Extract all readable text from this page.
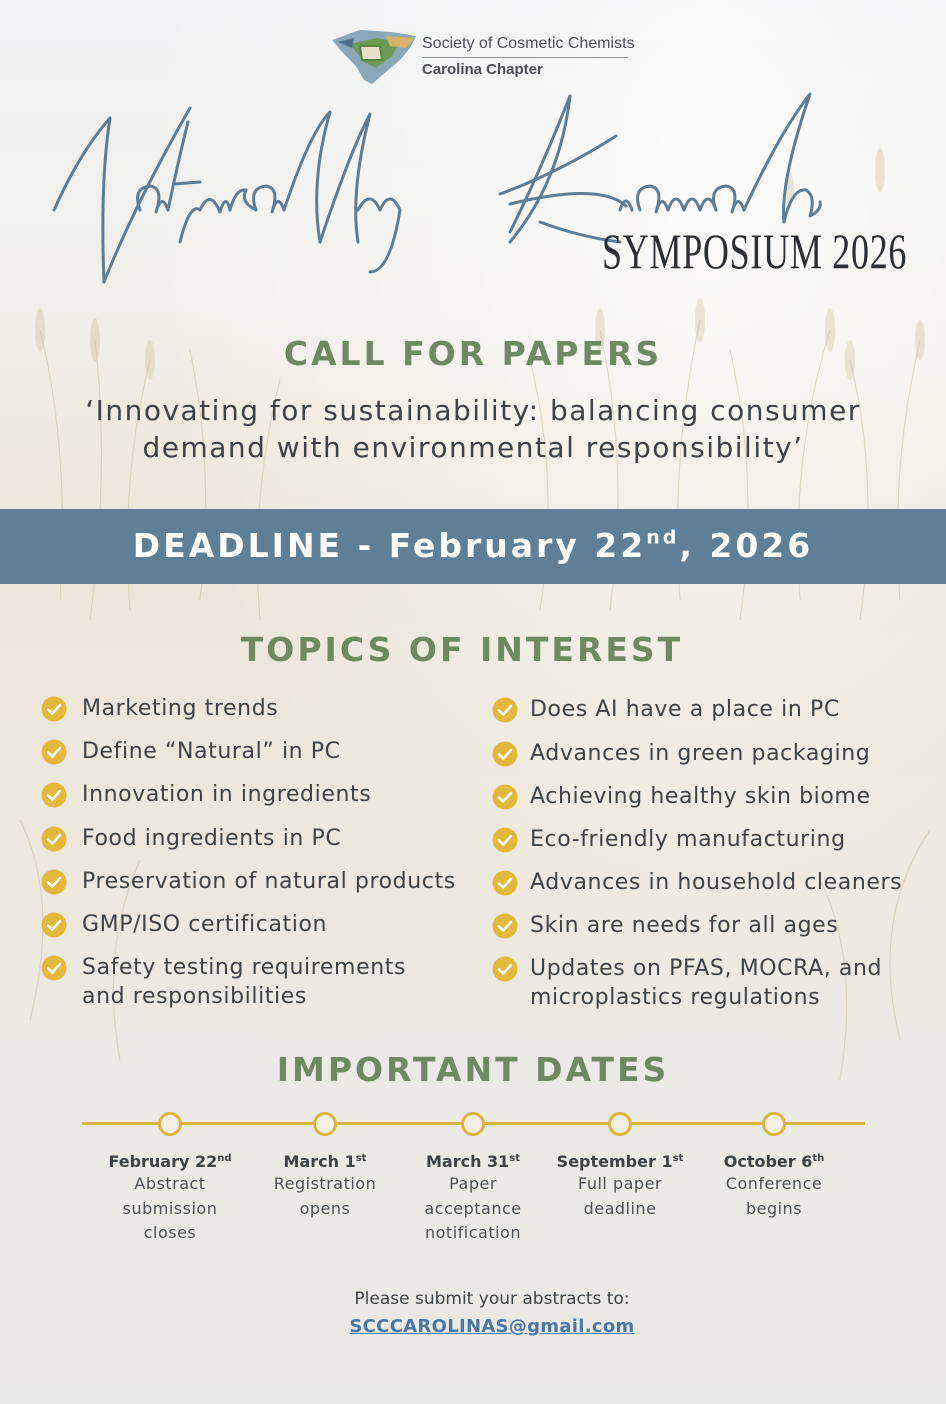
Society of Cosmetic Chemists
Carolina Chapter
SYMPOSIUM 2026
CALL FOR PAPERS
‘Innovating for sustainability: balancing consumer
demand with environmental responsibility’
DEADLINE - February 22nd, 2026
TOPICS OF INTEREST
Marketing trends
Define “Natural” in PC
Innovation in ingredients
Food ingredients in PC
Preservation of natural products
GMP/ISO certification
Safety testing requirements
and responsibilities
Does AI have a place in PC
Advances in green packaging
Achieving healthy skin biome
Eco-friendly manufacturing
Advances in household cleaners
Skin are needs for all ages
Updates on PFAS, MOCRA, and
microplastics regulations
IMPORTANT DATES
February 22nd
Abstract
submission
closes
March 1st
Registration
opens
March 31st
Paper
acceptance
notification
September 1st
Full paper
deadline
October 6th
Conference
begins
Please submit your abstracts to:
SCCCAROLINAS@gmail.com
